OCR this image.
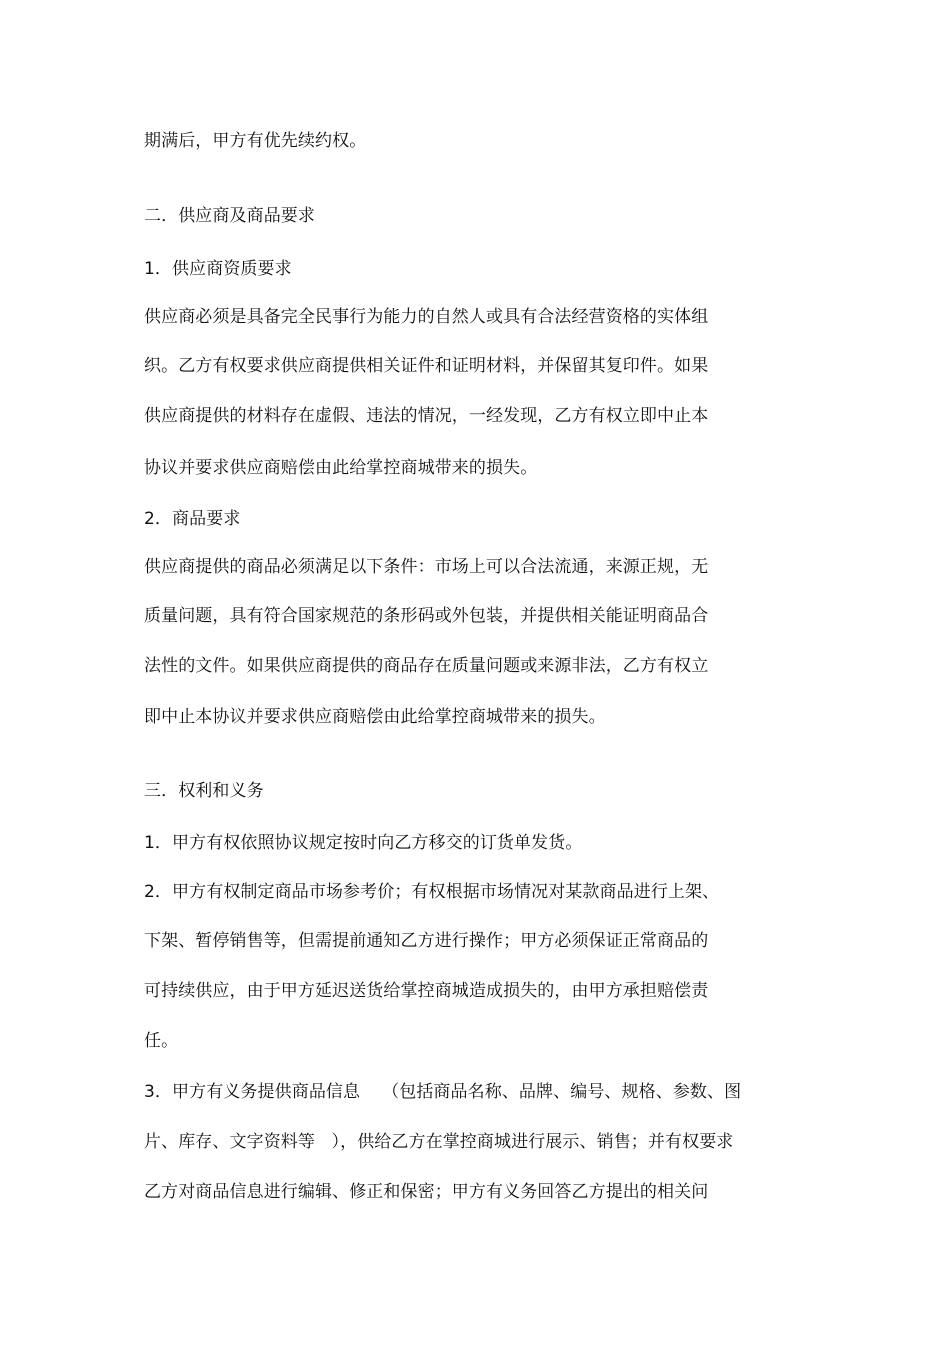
期满后，甲方有优先续约权。
二．供应商及商品要求
1．供应商资质要求
供应商必须是具备完全民事行为能力的自然人或具有合法经营资格的实体组
织。乙方有权要求供应商提供相关证件和证明材料，并保留其复印件。如果
供应商提供的材料存在虚假、违法的情况，一经发现，乙方有权立即中止本
协议并要求供应商赔偿由此给掌控商城带来的损失。
2．商品要求
供应商提供的商品必须满足以下条件：市场上可以合法流通，来源正规，无
质量问题，具有符合国家规范的条形码或外包装，并提供相关能证明商品合
法性的文件。如果供应商提供的商品存在质量问题或来源非法，乙方有权立
即中止本协议并要求供应商赔偿由此给掌控商城带来的损失。
三．权利和义务
1．甲方有权依照协议规定按时向乙方移交的订货单发货。
2．甲方有权制定商品市场参考价；有权根据市场情况对某款商品进行上架、
下架、暂停销售等，但需提前通知乙方进行操作；甲方必须保证正常商品的
可持续供应，由于甲方延迟送货给掌控商城造成损失的，由甲方承担赔偿责
任。
3．甲方有义务提供商品信息    （包括商品名称、品牌、编号、规格、参数、图
片、库存、文字资料等   ），供给乙方在掌控商城进行展示、销售；并有权要求
乙方对商品信息进行编辑、修正和保密；甲方有义务回答乙方提出的相关问
